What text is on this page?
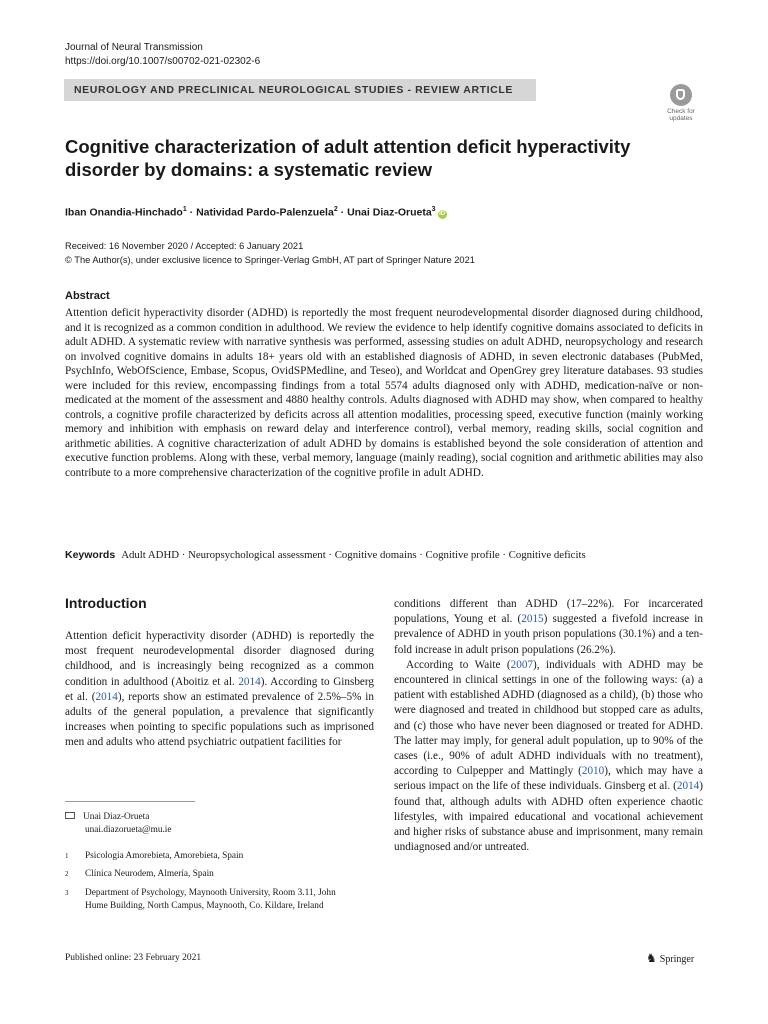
Journal of Neural Transmission
https://doi.org/10.1007/s00702-021-02302-6
NEUROLOGY AND PRECLINICAL NEUROLOGICAL STUDIES - REVIEW ARTICLE
Check for
updates
Cognitive characterization of adult attention deficit hyperactivity disorder by domains: a systematic review
Iban Onandia-Hinchado$^1$ · Natividad Pardo-Palenzuela$^2$ · Unai Diaz-Orueta$^3$iD
Received: 16 November 2020 / Accepted: 6 January 2021
© The Author(s), under exclusive licence to Springer-Verlag GmbH, AT part of Springer Nature 2021
Abstract
Attention deficit hyperactivity disorder (ADHD) is reportedly the most frequent neurodevelopmental disorder diagnosed during childhood, and it is recognized as a common condition in adulthood. We review the evidence to help identify cognitive domains associated to deficits in adult ADHD. A systematic review with narrative synthesis was performed, assessing studies on adult ADHD, neuropsychology and research on involved cognitive domains in adults 18+ years old with an established diagnosis of ADHD, in seven electronic databases (PubMed, PsychInfo, WebOfScience, Embase, Scopus, OvidSPMedline, and Teseo), and Worldcat and OpenGrey grey literature databases. 93 studies were included for this review, encompassing findings from a total 5574 adults diagnosed only with ADHD, medication-naïve or non-medicated at the moment of the assessment and 4880 healthy controls. Adults diagnosed with ADHD may show, when compared to healthy controls, a cognitive profile characterized by deficits across all attention modalities, processing speed, executive function (mainly working memory and inhibition with emphasis on reward delay and interference control), verbal memory, reading skills, social cognition and arithmetic abilities. A cognitive characterization of adult ADHD by domains is established beyond the sole consideration of attention and executive function problems. Along with these, verbal memory, language (mainly reading), social cognition and arithmetic abilities may also contribute to a more comprehensive characterization of the cognitive profile in adult ADHD.
Keywords Adult ADHD · Neuropsychological assessment · Cognitive domains · Cognitive profile · Cognitive deficits
Introduction
Attention deficit hyperactivity disorder (ADHD) is reportedly the most frequent neurodevelopmental disorder diagnosed during childhood, and is increasingly being recognized as a common condition in adulthood (Aboitiz et al. 2014). According to Ginsberg et al. (2014), reports show an estimated prevalence of 2.5%–5% in adults of the general population, a prevalence that significantly increases when pointing to specific populations such as imprisoned men and adults who attend psychiatric outpatient facilities for
conditions different than ADHD (17–22%). For incarcerated populations, Young et al. (2015) suggested a fivefold increase in prevalence of ADHD in youth prison populations (30.1%) and a ten-fold increase in adult prison populations (26.2%).
According to Waite (2007), individuals with ADHD may be encountered in clinical settings in one of the following ways: (a) a patient with established ADHD (diagnosed as a child), (b) those who were diagnosed and treated in childhood but stopped care as adults, and (c) those who have never been diagnosed or treated for ADHD. The latter may imply, for general adult population, up to 90% of the cases (i.e., 90% of adult ADHD individuals with no treatment), according to Culpepper and Mattingly (2010), which may have a serious impact on the life of these individuals. Ginsberg et al. (2014) found that, although adults with ADHD often experience chaotic lifestyles, with impaired educational and vocational achievement and higher risks of substance abuse and imprisonment, many remain undiagnosed and/or untreated.
Unai Diaz-Orueta
unai.diazorueta@mu.ie
1	Psicologia Amorebieta, Amorebieta, Spain
2	Clínica Neurodem, Almería, Spain
3	Department of Psychology, Maynooth University, Room 3.11, John Hume Building, North Campus, Maynooth, Co. Kildare, Ireland
Published online: 23 February 2021	♞ Springer
